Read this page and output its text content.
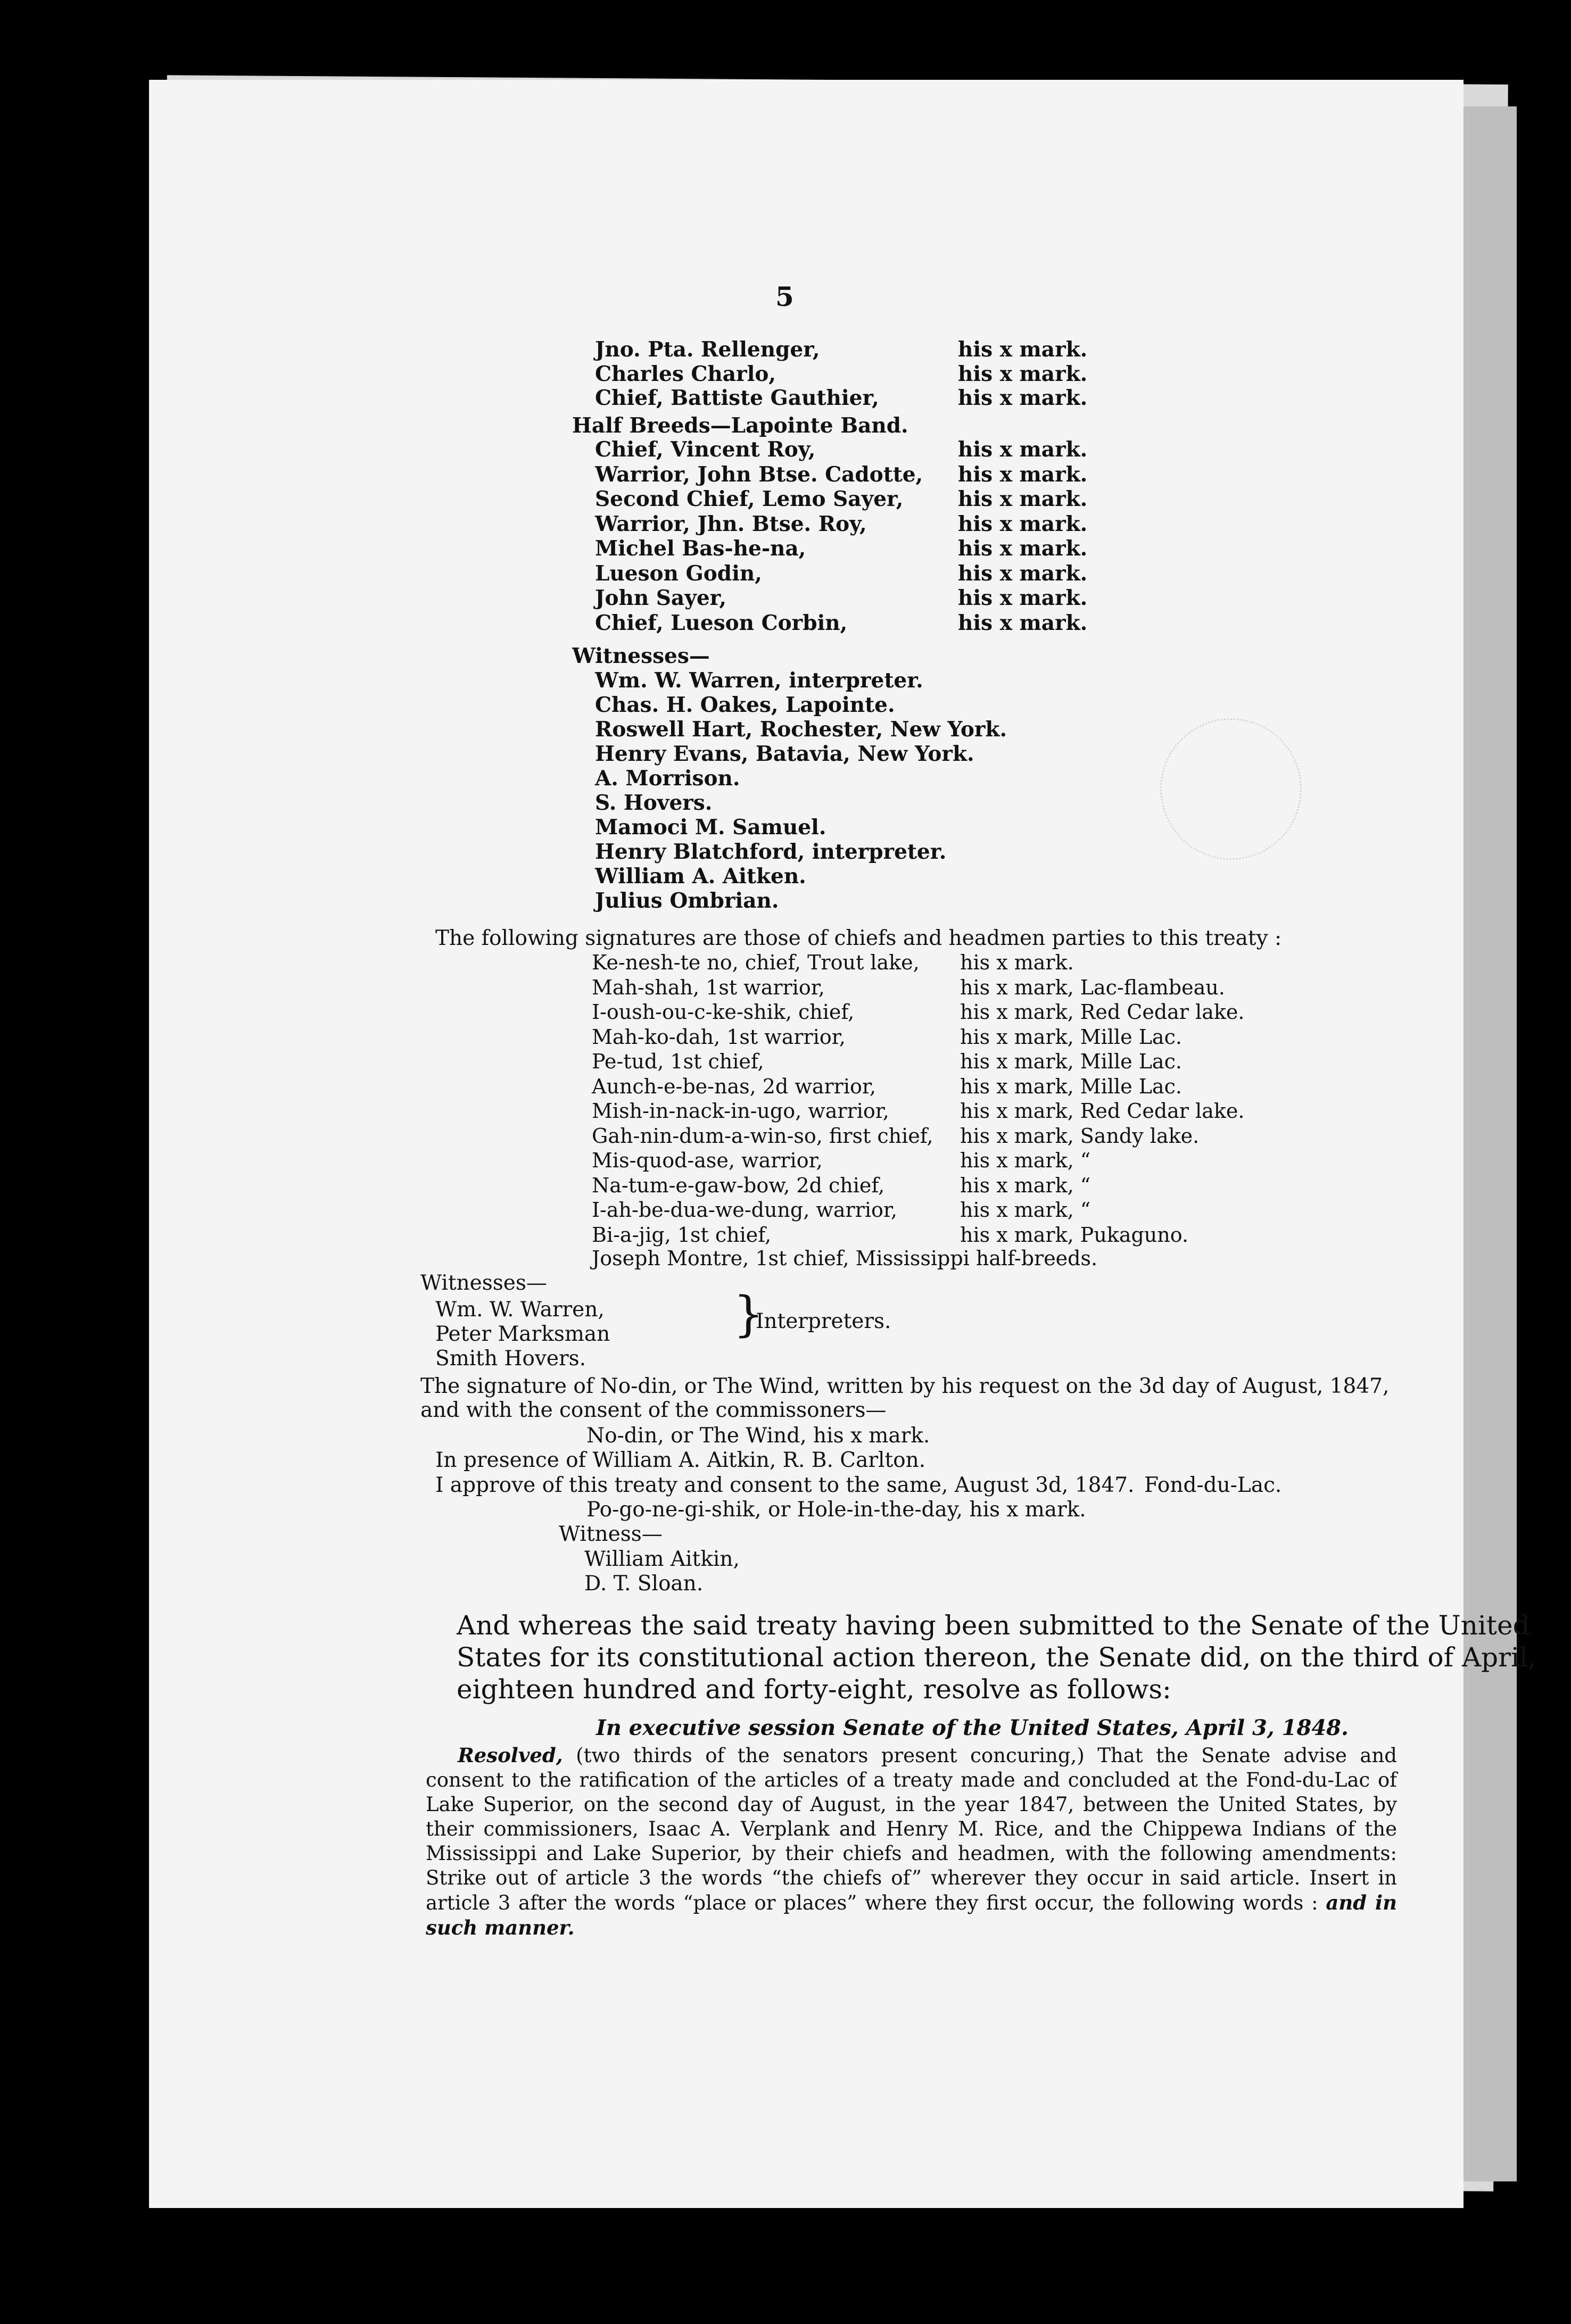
5
Jno. Pta. Rellenger,	his x mark.
Charles Charlo,	his x mark.
Chief, Battiste Gauthier,	his x mark.
Half Breeds—Lapointe Band.
Chief, Vincent Roy,	his x mark.
Warrior, John Btse. Cadotte, his x mark.
Second Chief, Lemo Sayer,	his x mark.
Warrior, Jhn. Btse. Roy,	his x mark.
Michel Bas-he-na,	his x mark.
Lueson Godin,	his x mark.
John Sayer,	his x mark.
Chief, Lueson Corbin,	his x mark.
Witnesses—
Wm. W. Warren, interpreter.
Chas. H. Oakes, Lapointe.
Roswell Hart, Rochester, New York.
Henry Evans, Batavia, New York.
A. Morrison.
S. Hovers.
Mamoci M. Samuel.
Henry Blatchford, interpreter.
William A. Aitken.
Julius Ombrian.
The following signatures are those of chiefs and headmen parties to this treaty :
Ke-nesh-te no, chief, Trout lake, his x mark.
Mah-shah, 1st warrior,	his x mark, Lac-flambeau.
I-oush-ou-c-ke-shik, chief,	his x mark, Red Cedar lake.
Mah-ko-dah, 1st warrior,	his x mark, Mille Lac.
Pe-tud, 1st chief,	his x mark, Mille Lac.
Aunch-e-be-nas, 2d warrior,	his x mark, Mille Lac.
Mish-in-nack-in-ugo, warrior,	his x mark, Red Cedar lake.
Gah-nin-dum-a-win-so, first chief, his x mark, Sandy lake.
Mis-quod-ase, warrior,	his x mark, “
Na-tum-e-gaw-bow, 2d chief,	his x mark, “
I-ah-be-dua-we-dung, warrior,	his x mark, “
Bi-a-jig, 1st chief,	his x mark, Pukaguno.
Joseph Montre, 1st chief, Mississippi half-breeds.
Witnesses—
Wm. W. Warren,
Peter Marksman
Smith Hovers.
}
Interpreters.
The signature of No-din, or The Wind, written by his request on the 3d day of August, 1847,
and with the consent of the commissoners—
No-din, or The Wind, his x mark.
In presence of William A. Aitkin, R. B. Carlton.
I approve of this treaty and consent to the same, August 3d, 1847. Fond-du-Lac.
Po-go-ne-gi-shik, or Hole-in-the-day, his x mark.
Witness—
William Aitkin,
D. T. Sloan.
And whereas the said treaty having been submitted to the Senate of the United
States for its constitutional action thereon, the Senate did, on the third of April,
eighteen hundred and forty-eight, resolve as follows:
In executive session Senate of the United States, April 3, 1848.

Resolved, (two thirds of the senators present concuring,) That the Senate advise and consent to the ratification of the articles of a treaty made and concluded at the Fond-du-Lac of Lake Superior, on the second day of August, in the year 1847, between the United States, by their commissioners, Isaac A. Verplank and Henry M. Rice, and the Chippewa Indians of the Mississippi and Lake Superior, by their chiefs and headmen, with the following amendments: Strike out of article 3 the words “the chiefs of” wherever they occur in said article. Insert in article 3 after the words “place or places” where they first occur, the following words : and in such manner.
